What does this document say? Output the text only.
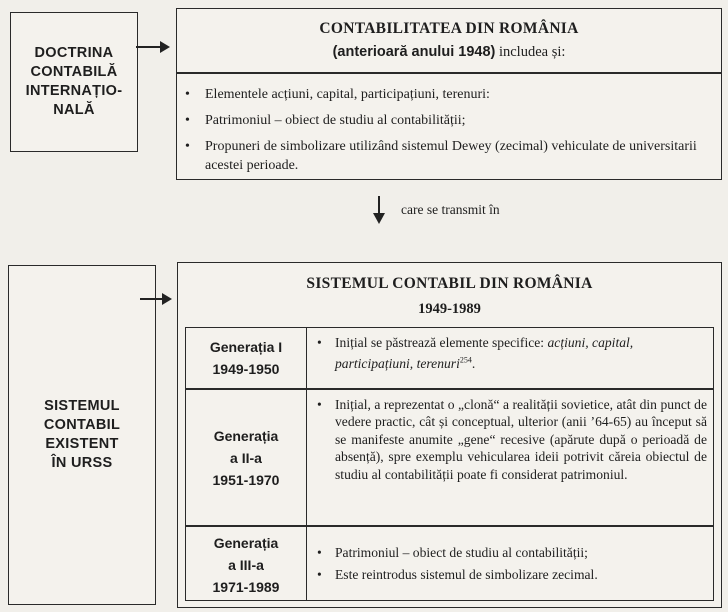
DOCTRINA
CONTABILĂ
INTERNAȚIO-
NALĂ
CONTABILITATEA DIN ROMÂNIA
(anterioară anului 1948) includea și:
• Elementele acțiuni, capital, participațiuni, terenuri:
• Patrimoniul – obiect de studiu al contabilității;
• Propuneri de simbolizare utilizând sistemul Dewey (zecimal) vehiculate de universitarii acestei perioade.
care se transmit în
SISTEMUL
CONTABIL
EXISTENT
ÎN URSS
SISTEMUL CONTABIL DIN ROMÂNIA
1949-1989
Generația I
1949-1950
• Inițial se păstrează elemente specifice: acțiuni, capital, participațiuni, terenuri$^{254}$.
Generația
a II-a
1951-1970
• Inițial, a reprezentat o „clonă“ a realității sovietice, atât din punct de vedere practic, cât și conceptual, ulterior (anii ’64-65) au început să se manifeste anumite „gene“ recesive (apărute după o perioadă de absență), spre exemplu vehicularea ideii potrivit căreia obiectul de studiu al contabilității poate fi considerat patrimoniul.
Generația
a III-a
1971-1989
• Patrimoniul – obiect de studiu al contabilității;
• Este reintrodus sistemul de simbolizare zecimal.
